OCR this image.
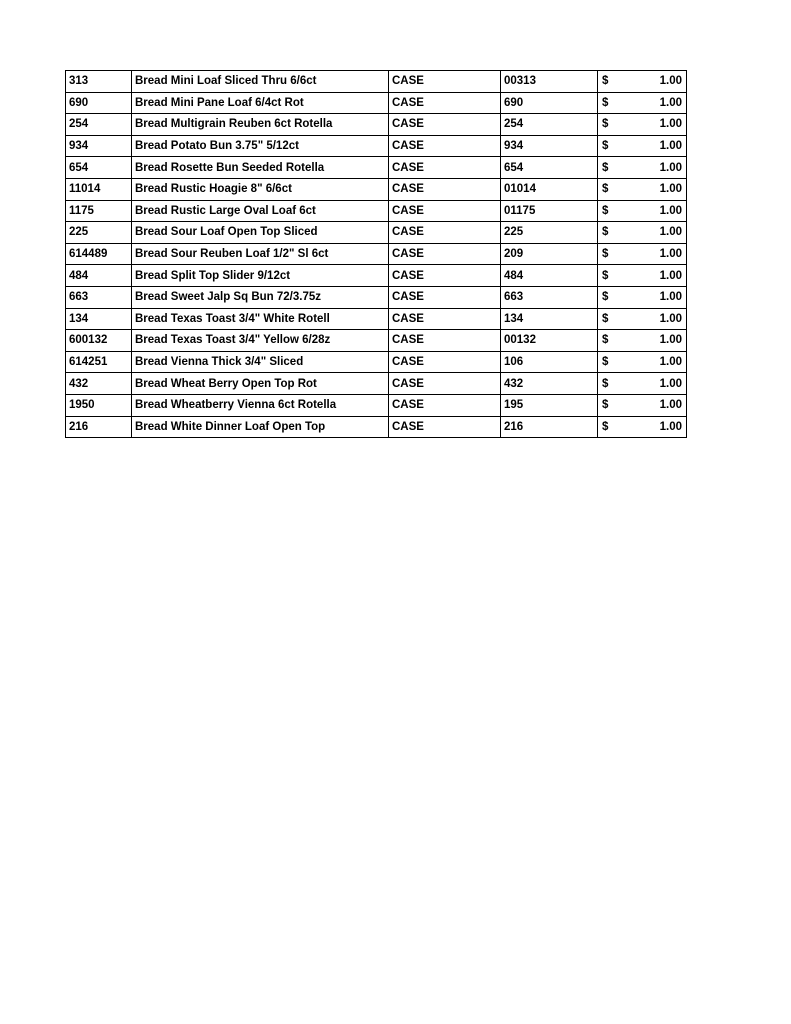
313	Bread Mini Loaf Sliced Thru 6/6ct	CASE	00313	$ 1.00

690	Bread Mini Pane Loaf 6/4ct Rot	CASE	690	$ 1.00

254	Bread Multigrain Reuben 6ct Rotella	CASE	254	$ 1.00

934	Bread Potato Bun 3.75" 5/12ct	CASE	934	$ 1.00

654	Bread Rosette Bun Seeded Rotella	CASE	654	$ 1.00

11014	Bread Rustic Hoagie 8" 6/6ct	CASE	01014	$ 1.00

1175	Bread Rustic Large Oval Loaf 6ct	CASE	01175	$ 1.00

225	Bread Sour Loaf Open Top Sliced	CASE	225	$ 1.00

614489	Bread Sour Reuben Loaf 1/2" Sl 6ct	CASE	209	$ 1.00

484	Bread Split Top Slider 9/12ct	CASE	484	$ 1.00

663	Bread Sweet Jalp Sq Bun 72/3.75z	CASE	663	$ 1.00

134	Bread Texas Toast 3/4" White Rotell	CASE	134	$ 1.00

600132	Bread Texas Toast 3/4" Yellow 6/28z	CASE	00132	$ 1.00

614251	Bread Vienna Thick 3/4" Sliced	CASE	106	$ 1.00

432	Bread Wheat Berry Open Top Rot	CASE	432	$ 1.00

1950	Bread Wheatberry Vienna 6ct Rotella	CASE	195	$ 1.00

216	Bread White Dinner Loaf Open Top	CASE	216	$ 1.00
